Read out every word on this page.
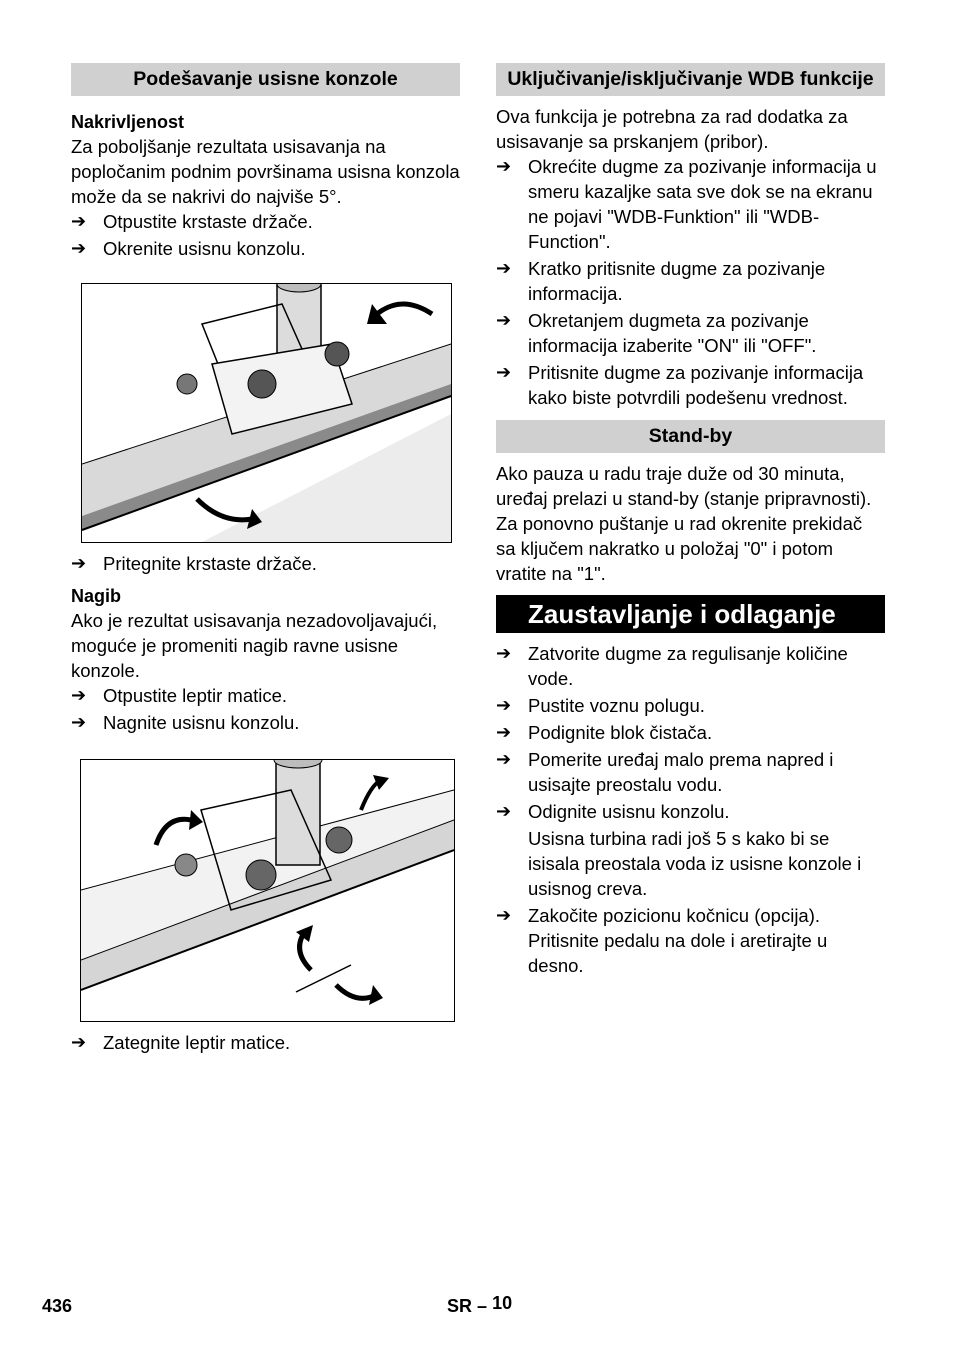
Podešavanje usisne konzole
Nakrivljenost

Za poboljšanje rezultata usisavanja na popločanim podnim površinama usisna konzola može da se nakrivi do najviše 5°.

➔ Otpustite krstaste držače.
➔ Okrenite usisnu konzolu.
➔ Pritegnite krstaste držače.
Nagib

Ako je rezultat usisavanja nezadovoljavajući, moguće je promeniti nagib ravne usisne konzole.

➔ Otpustite leptir matice.
➔ Nagnite usisnu konzolu.
➔ Zategnite leptir matice.
Uključivanje/isključivanje WDB funkcije

Ova funkcija je potrebna za rad dodatka za usisavanje sa prskanjem (pribor).

➔ Okrećite dugme za pozivanje informacija u smeru kazaljke sata sve dok se na ekranu ne pojavi "WDB-Funktion" ili "WDB-Function".
➔ Kratko pritisnite dugme za pozivanje informacija.
➔ Okretanjem dugmeta za pozivanje informacija izaberite "ON" ili "OFF".
➔ Pritisnite dugme za pozivanje informacija kako biste potvrdili podešenu vrednost.
Stand-by

Ako pauza u radu traje duže od 30 minuta, uređaj prelazi u stand-by (stanje pripravnosti). Za ponovno puštanje u rad okrenite prekidač sa ključem nakratko u položaj "0" i potom vratite na "1".

Zaustavljanje i odlaganje
➔ Zatvorite dugme za regulisanje količine vode.
➔ Pustite voznu polugu.
➔ Podignite blok čistača.
➔ Pomerite uređaj malo prema napred i usisajte preostalu vodu.
➔ Odignite usisnu konzolu.

Usisna turbina radi još 5 s kako bi se isisala preostala voda iz usisne konzole i usisnog creva.

➔ Zakočite pozicionu kočnicu (opcija). Pritisnite pedalu na dole i aretirajte u desno.
436	SR – 10
